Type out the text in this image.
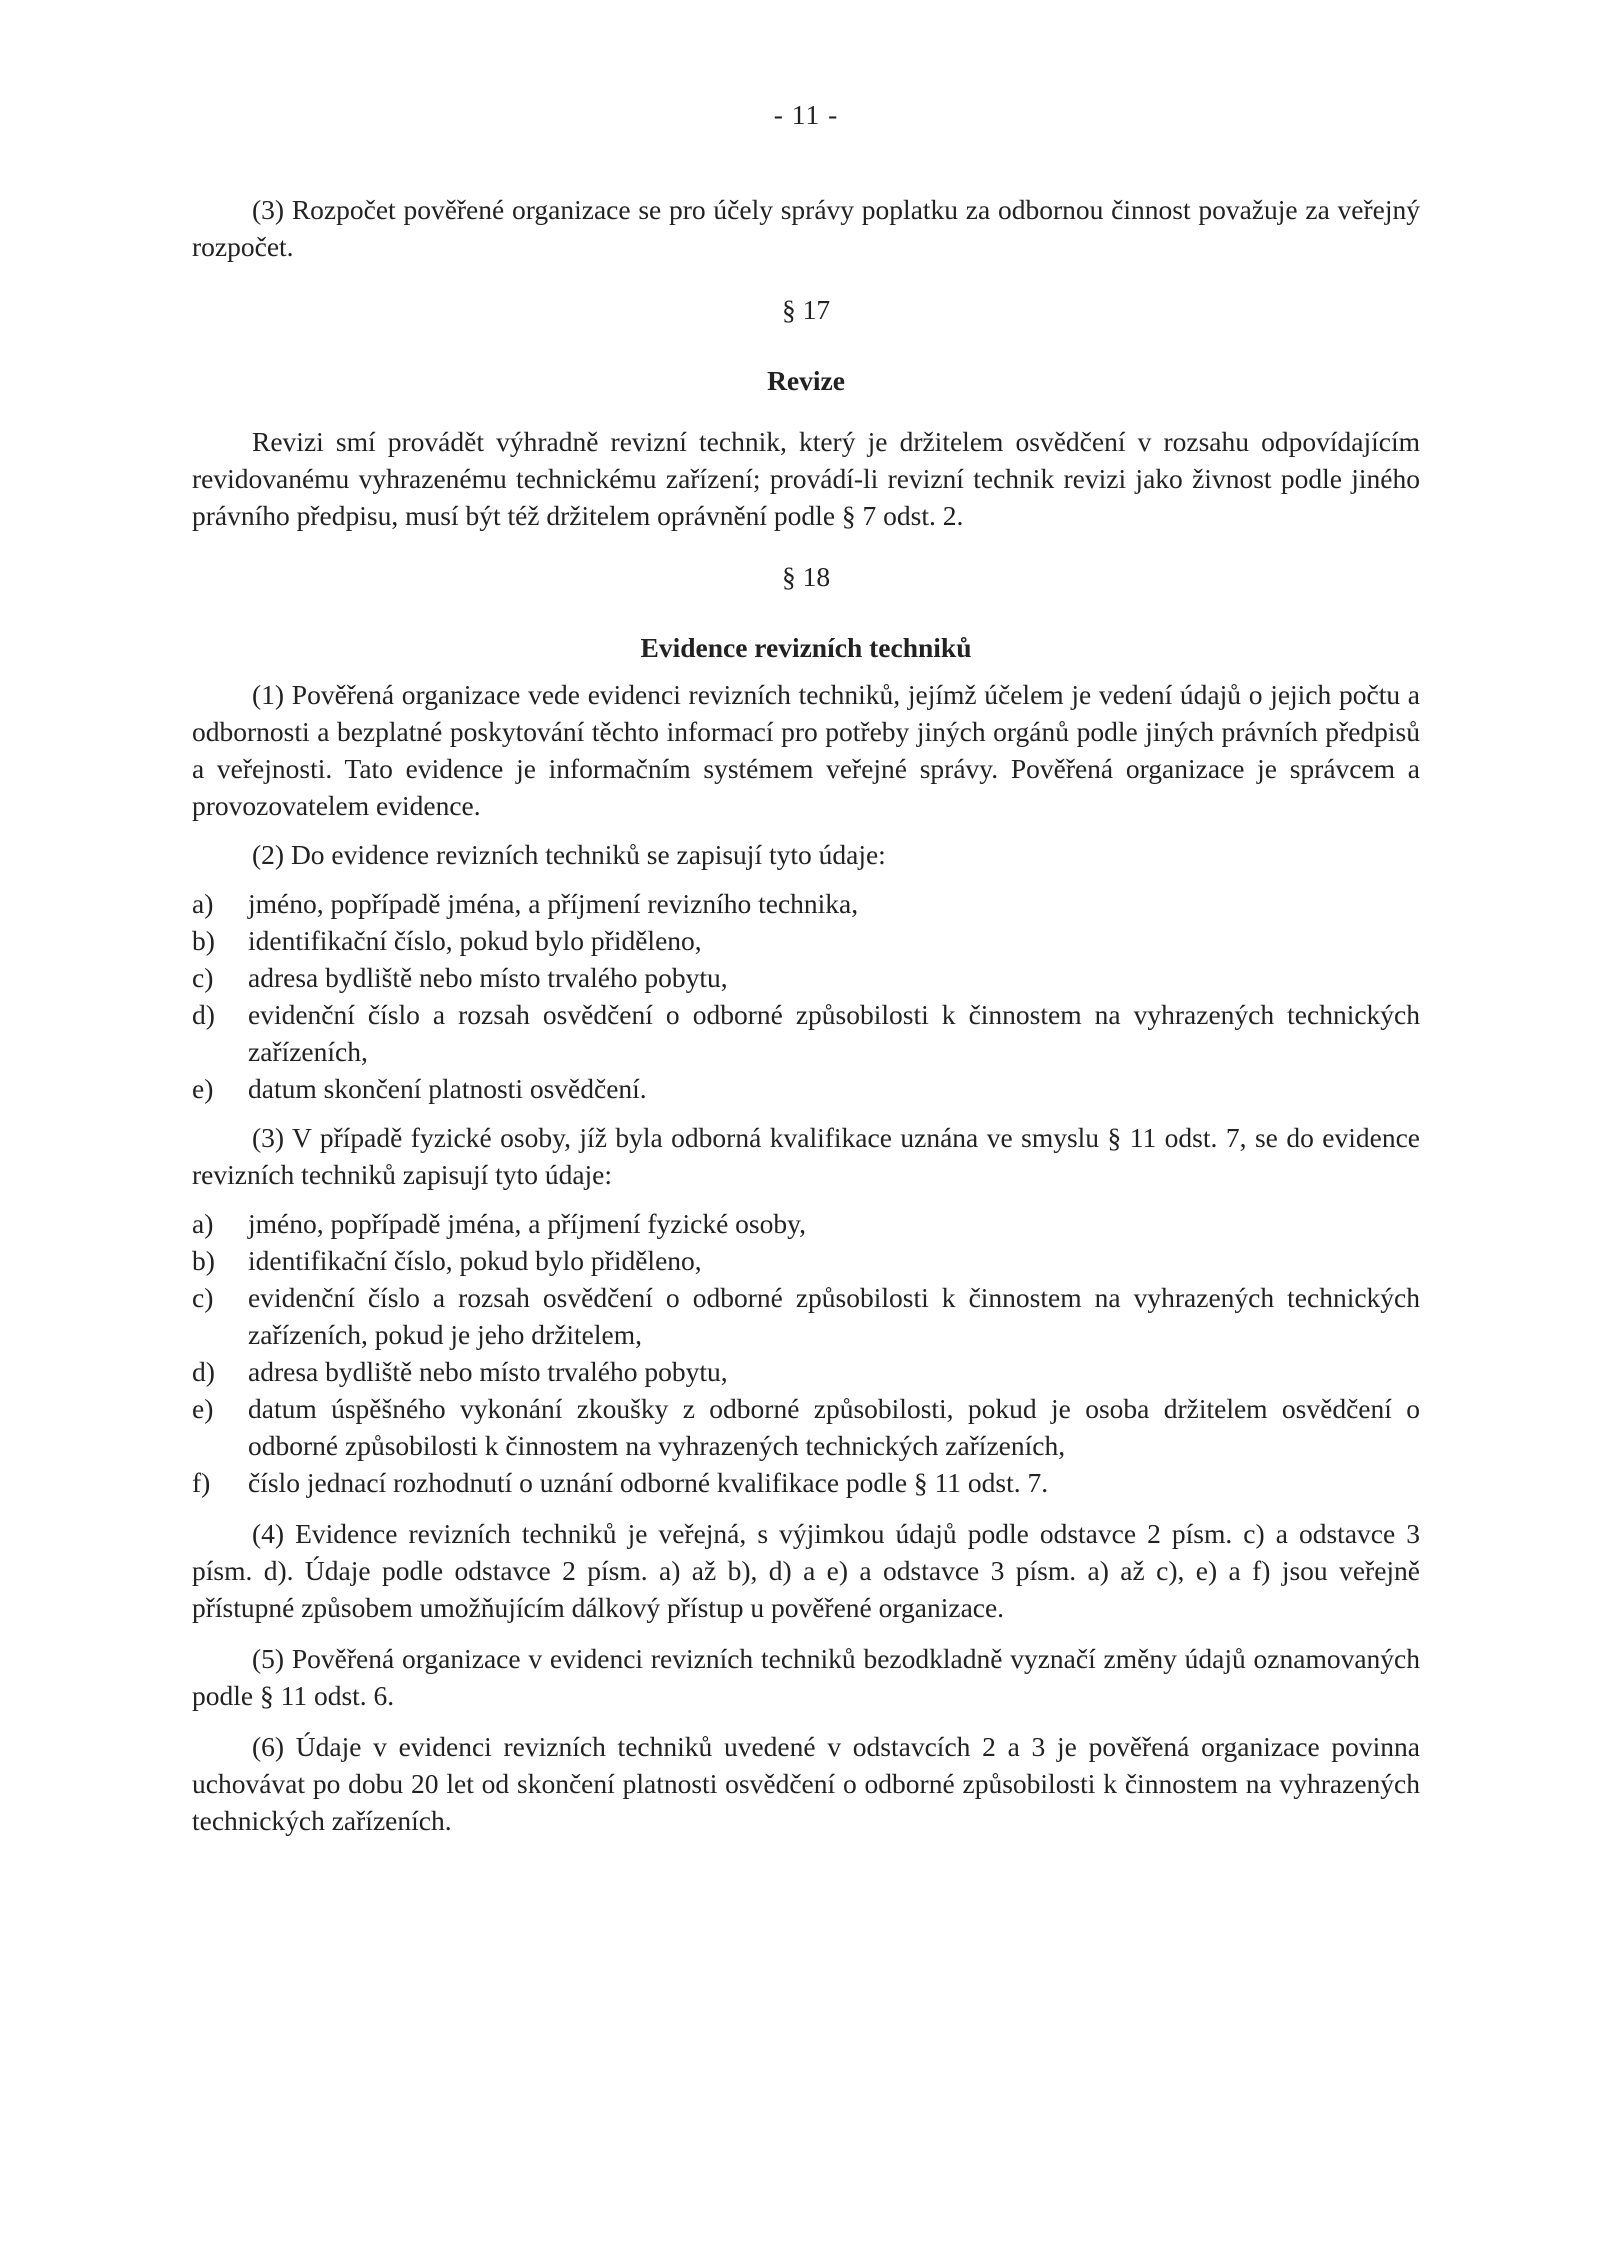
- 11 -

(3) Rozpočet pověřené organizace se pro účely správy poplatku za odbornou činnost považuje za veřejný rozpočet.

§ 17
Revize

Revizi smí provádět výhradně revizní technik, který je držitelem osvědčení v rozsahu odpovídajícím revidovanému vyhrazenému technickému zařízení; provádí-li revizní technik revizi jako živnost podle jiného právního předpisu, musí být též držitelem oprávnění podle § 7 odst. 2.

§ 18
Evidence revizních techniků

(1) Pověřená organizace vede evidenci revizních techniků, jejímž účelem je vedení údajů o jejich počtu a odbornosti a bezplatné poskytování těchto informací pro potřeby jiných orgánů podle jiných právních předpisů a veřejnosti. Tato evidence je informačním systémem veřejné správy. Pověřená organizace je správcem a provozovatelem evidence.

(2) Do evidence revizních techniků se zapisují tyto údaje:

a)	jméno, popřípadě jména, a příjmení revizního technika,
b)	identifikační číslo, pokud bylo přiděleno,
c)	adresa bydliště nebo místo trvalého pobytu,
d)	evidenční číslo a rozsah osvědčení o odborné způsobilosti k činnostem na vyhrazených technických zařízeních,
e)	datum skončení platnosti osvědčení.

(3) V případě fyzické osoby, jíž byla odborná kvalifikace uznána ve smyslu § 11 odst. 7, se do evidence revizních techniků zapisují tyto údaje:

a)	jméno, popřípadě jména, a příjmení fyzické osoby,
b)	identifikační číslo, pokud bylo přiděleno,
c)	evidenční číslo a rozsah osvědčení o odborné způsobilosti k činnostem na vyhrazených technických zařízeních, pokud je jeho držitelem,
d)	adresa bydliště nebo místo trvalého pobytu,
e)	datum úspěšného vykonání zkoušky z odborné způsobilosti, pokud je osoba držitelem osvědčení o odborné způsobilosti k činnostem na vyhrazených technických zařízeních,
f)	číslo jednací rozhodnutí o uznání odborné kvalifikace podle § 11 odst. 7.

(4) Evidence revizních techniků je veřejná, s výjimkou údajů podle odstavce 2 písm. c) a odstavce 3 písm. d). Údaje podle odstavce 2 písm. a) až b), d) a e) a odstavce 3 písm. a) až c), e) a f) jsou veřejně přístupné způsobem umožňujícím dálkový přístup u pověřené organizace.

(5) Pověřená organizace v evidenci revizních techniků bezodkladně vyznačí změny údajů oznamovaných podle § 11 odst. 6.

(6) Údaje v evidenci revizních techniků uvedené v odstavcích 2 a 3 je pověřená organizace povinna uchovávat po dobu 20 let od skončení platnosti osvědčení o odborné způsobilosti k činnostem na vyhrazených technických zařízeních.
